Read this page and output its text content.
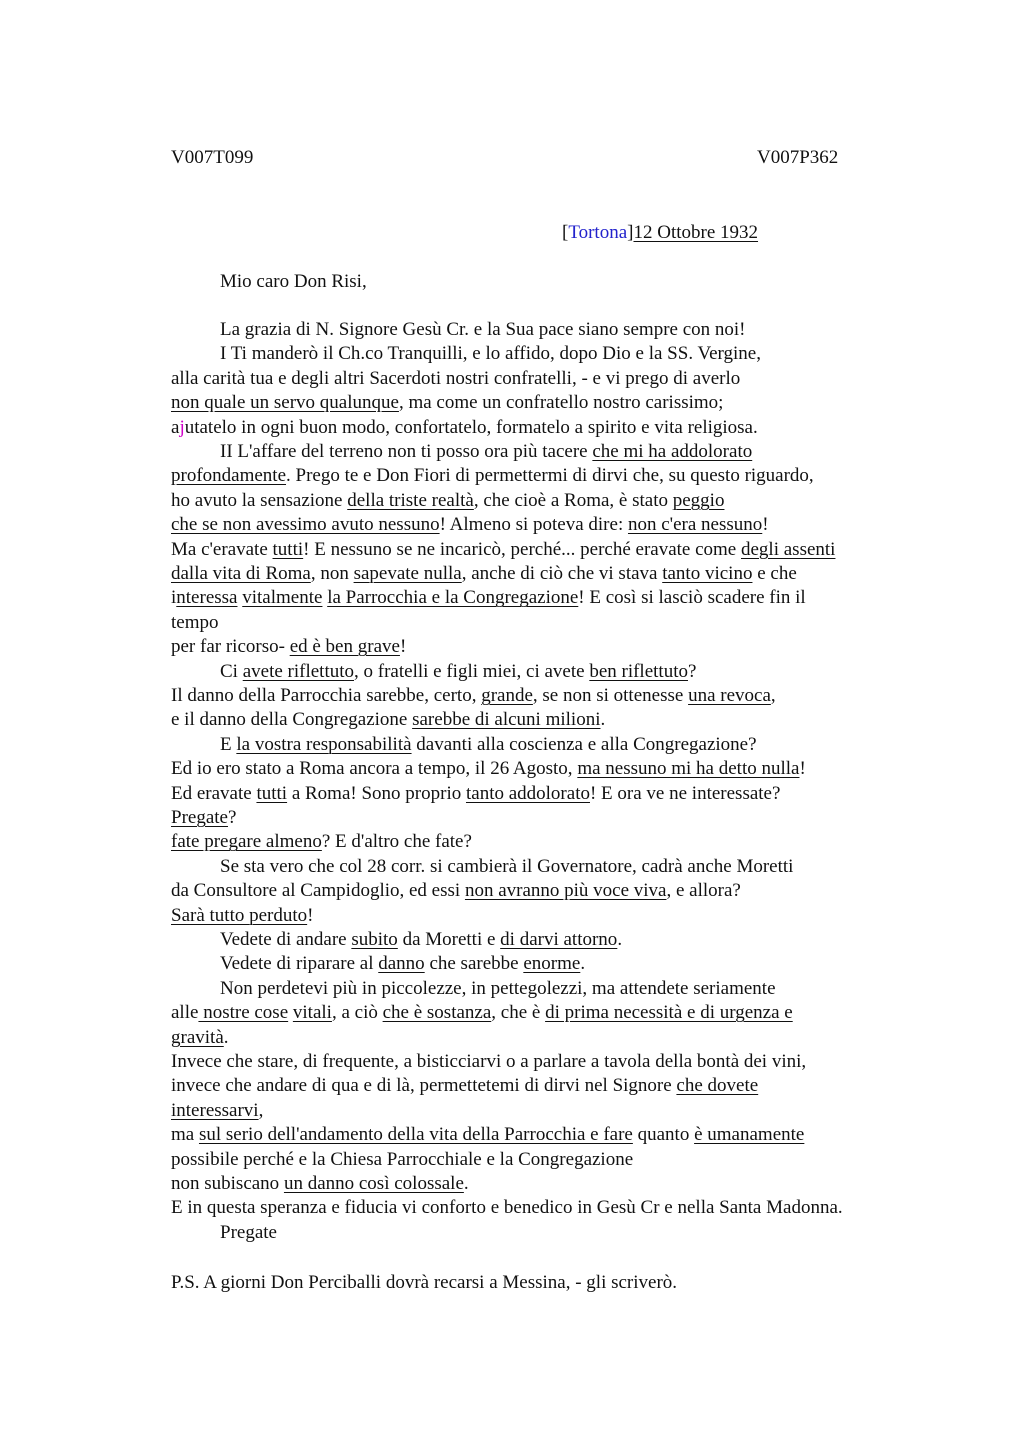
V007T099	V007P362
[Tortona]12 Ottobre 1932
Mio caro Don Risi,
La grazia di N. Signore Gesù Cr. e la Sua pace siano sempre con noi!
I Ti manderò il Ch.co Tranquilli, e lo affido, dopo Dio e la SS. Vergine,
alla carità tua e degli altri Sacerdoti nostri confratelli, - e vi prego di averlo
non quale un servo qualunque, ma come un confratello nostro carissimo;
ajutatelo in ogni buon modo, confortatelo, formatelo a spirito e vita religiosa.
II L'affare del terreno non ti posso ora più tacere che mi ha addolorato
profondamente. Prego te e Don Fiori di permettermi di dirvi che, su questo riguardo,
ho avuto la sensazione della triste realtà, che cioè a Roma, è stato peggio
che se non avessimo avuto nessuno! Almeno si poteva dire: non c'era nessuno!
Ma c'eravate tutti! E nessuno se ne incaricò, perché... perché eravate come degli assenti
dalla vita di Roma, non sapevate nulla, anche di ciò che vi stava tanto vicino e che
interessa vitalmente la Parrocchia e la Congregazione! E così si lasciò scadere fin il
tempo
per far ricorso- ed è ben grave!
Ci avete riflettuto, o fratelli e figli miei, ci avete ben riflettuto?
Il danno della Parrocchia sarebbe, certo, grande, se non si ottenesse una revoca,
e il danno della Congregazione sarebbe di alcuni milioni.
E la vostra responsabilità davanti alla coscienza e alla Congregazione?
Ed io ero stato a Roma ancora a tempo, il 26 Agosto, ma nessuno mi ha detto nulla!
Ed eravate tutti a Roma! Sono proprio tanto addolorato! E ora ve ne interessate?
Pregate?
fate pregare almeno? E d'altro che fate?
Se sta vero che col 28 corr. si cambierà il Governatore, cadrà anche Moretti
da Consultore al Campidoglio, ed essi non avranno più voce viva, e allora?
Sarà tutto perduto!
Vedete di andare subito da Moretti e di darvi attorno.
Vedete di riparare al danno che sarebbe enorme.
Non perdetevi più in piccolezze, in pettegolezzi, ma attendete seriamente
alle nostre cose vitali, a ciò che è sostanza, che è di prima necessità e di urgenza e
gravità.
Invece che stare, di frequente, a bisticciarvi o a parlare a tavola della bontà dei vini,
invece che andare di qua e di là, permettetemi di dirvi nel Signore che dovete
interessarvi,
ma sul serio dell'andamento della vita della Parrocchia e fare quanto è umanamente
possibile perché e la Chiesa Parrocchiale e la Congregazione
non subiscano un danno così colossale.
E in questa speranza e fiducia vi conforto e benedico in Gesù Cr e nella Santa Madonna.
Pregate
P.S. A giorni Don Perciballi dovrà recarsi a Messina, - gli scriverò.
